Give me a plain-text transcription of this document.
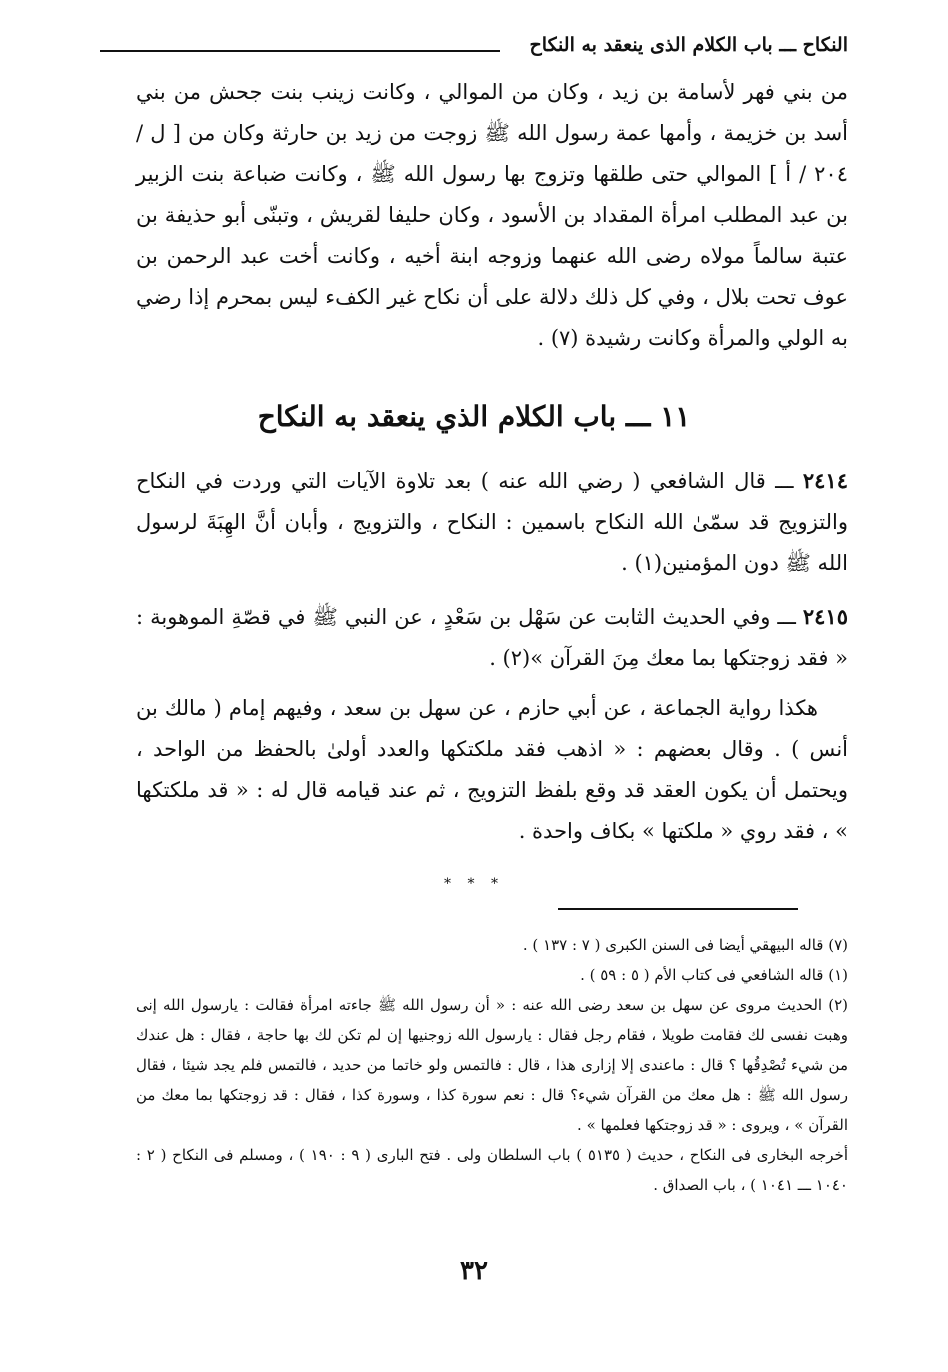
النكاح ـــ باب الكلام الذى ينعقد به النكاح

من بني فهر لأسامة بن زيد ، وكان من الموالي ، وكانت زينب بنت جحش من بني أسد بن خزيمة ، وأمها عمة رسول الله ﷺ زوجت من زيد بن حارثة وكان من [ ل / ٢٠٤ / أ ] الموالي حتى طلقها وتزوج بها رسول الله ﷺ ، وكانت ضباعة بنت الزبير بن عبد المطلب امرأة المقداد بن الأسود ، وكان حليفا لقريش ، وتبنّى أبو حذيفة بن عتبة سالماً مولاه رضى الله عنهما وزوجه ابنة أخيه ، وكانت أخت عبد الرحمن بن عوف تحت بلال ، وفي كل ذلك دلالة على أن نكاح غير الكفء ليس بمحرم إذا رضي به الولي والمرأة وكانت رشيدة (٧) .

١١ ـــ باب الكلام الذي ينعقد به النكاح

٢٤١٤ ـــ قال الشافعي ( رضي الله عنه ) بعد تلاوة الآيات التي وردت في النكاح والتزويج قد سمّىٰ الله النكاح باسمين : النكاح ، والتزويج ، وأبان أنَّ الهِبَةَ لرسول الله ﷺ دون المؤمنين(١) .

٢٤١٥ ـــ وفي الحديث الثابت عن سَهْل بن سَعْدٍ ، عن النبي ﷺ في قصّةِ الموهوبة : « فقد زوجتكها بما معك مِنَ القرآن »(٢) .

هكذا رواية الجماعة ، عن أبي حازم ، عن سهل بن سعد ، وفيهم إمام ( مالك بن أنس ) . وقال بعضهم : « اذهب فقد ملكتكها والعدد أولىٰ بالحفظ من الواحد ، ويحتمل أن يكون العقد قد وقع بلفظ التزويج ، ثم عند قيامه قال له : « قد ملكتكها » ، فقد روي « ملكتها » بكاف واحدة .

* * *

(٧) قاله البيهقي أيضا فى السنن الكبرى ( ٧ : ١٣٧ ) .

(١) قاله الشافعي فى كتاب الأم ( ٥ : ٥٩ ) .

(٢) الحديث مروى عن سهل بن سعد رضى الله عنه : « أن رسول الله ﷺ جاءته امرأة فقالت : يارسول الله إنى وهبت نفسى لك فقامت طويلا ، فقام رجل فقال : يارسول الله زوجنيها إن لم تكن لك بها حاجة ، فقال : هل عندك من شيء تُصْدِقُها ؟ قال : ماعندى إلا إزارى هذا ، قال : فالتمس ولو خاتما من حديد ، فالتمس فلم يجد شيئا ، فقال رسول الله ﷺ : هل معك من القرآن شيء؟ قال : نعم سورة كذا ، وسورة كذا ، فقال : قد زوجتكها بما معك من القرآن » ، ويروى : « قد زوجتكها فعلمها » .

أخرجه البخارى فى النكاح ، حديث ( ٥١٣٥ ) باب السلطان ولى . فتح البارى ( ٩ : ١٩٠ ) ، ومسلم فى النكاح ( ٢ : ١٠٤٠ ـــ ١٠٤١ ) ، باب الصداق .

٣٢
